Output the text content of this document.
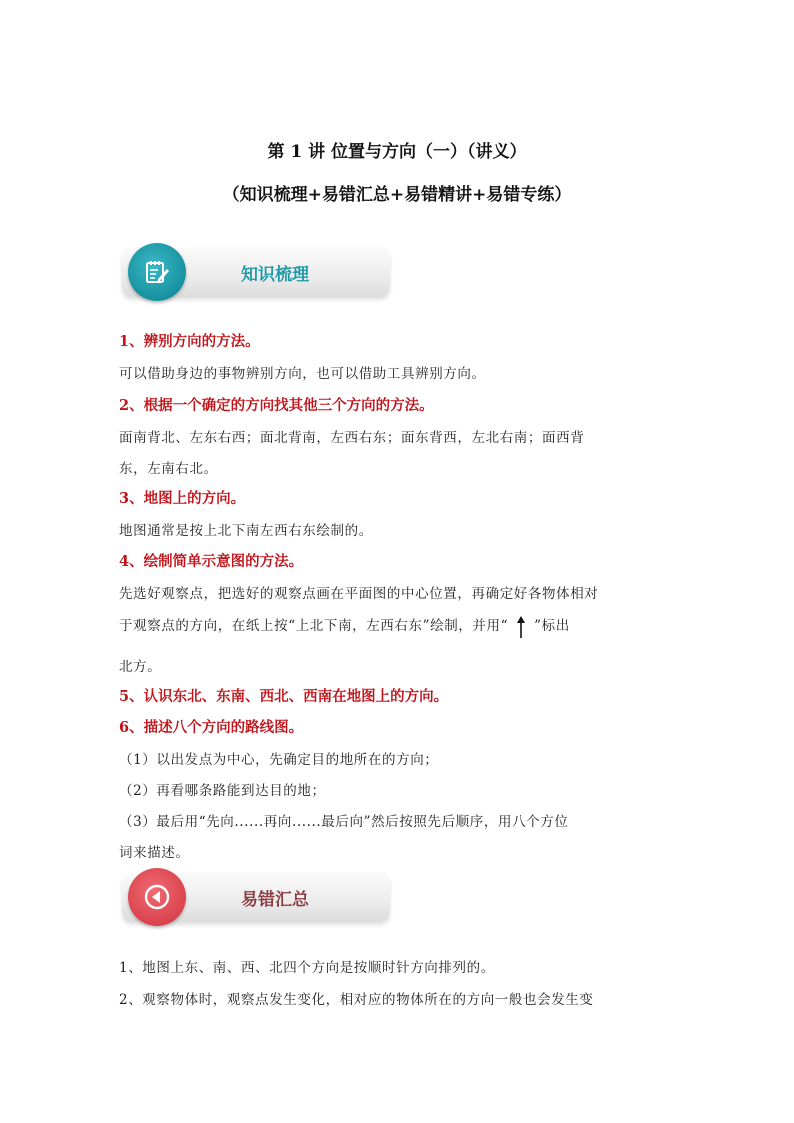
第 1 讲 位置与方向（一）（讲义）
（知识梳理+易错汇总+易错精讲+易错专练）
知识梳理
1、辨别方向的方法。
可以借助身边的事物辨别方向，也可以借助工具辨别方向。
2、根据一个确定的方向找其他三个方向的方法。
面南背北、左东右西；面北背南，左西右东；面东背西，左北右南；面西背
东，左南右北。
3、地图上的方向。
地图通常是按上北下南左西右东绘制的。
4、绘制简单示意图的方法。
先选好观察点，把选好的观察点画在平面图的中心位置，再确定好各物体相对
于观察点的方向，在纸上按“上北下南，左西右东”绘制，并用“ ”标出
北方。
5、认识东北、东南、西北、西南在地图上的方向。
6、描述八个方向的路线图。
（1）以出发点为中心，先确定目的地所在的方向；
（2）再看哪条路能到达目的地；
（3）最后用“先向......再向......最后向”然后按照先后顺序，用八个方位
词来描述。
易错汇总
1、地图上东、南、西、北四个方向是按顺时针方向排列的。
2、观察物体时，观察点发生变化，相对应的物体所在的方向一般也会发生变
